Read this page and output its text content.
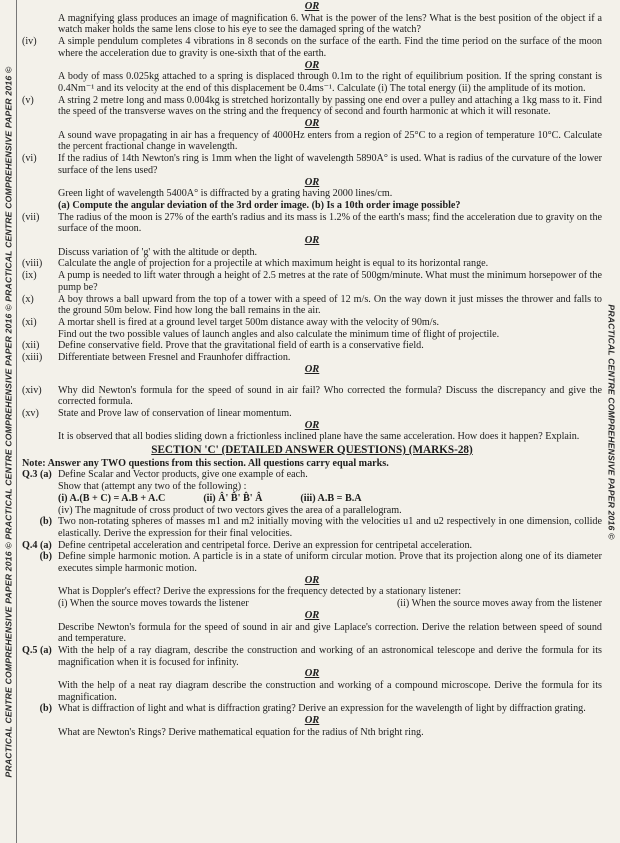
PRACTICAL CENTRE COMPREHENSIVE PAPER 2016 © PRACTICAL CENTRE COMPREHENSIVE PAPER 2016 © PRACTICAL CENTRE COMPREHENSIVE PAPER 2016 ©	PRACTICAL CENTRE COMPREHENSIVE PAPER 2016 ©
OR
A magnifying glass produces an image of magnification 6. What is the power of the lens? What is the best position of the object if a watch maker holds the same lens close to his eye to see the damaged spring of the watch?
(iv)	A simple pendulum completes 4 vibrations in 8 seconds on the surface of the earth. Find the time period on the surface of the moon where the acceleration due to gravity is one-sixth that of the earth.
OR
A body of mass 0.025kg attached to a spring is displaced through 0.1m to the right of equilibrium position. If the spring constant is 0.4Nm⁻¹ and its velocity at the end of this displacement be 0.4ms⁻¹. Calculate (i) The total energy (ii) the amplitude of its motion.
(v)	A string 2 metre long and mass 0.004kg is stretched horizontally by passing one end over a pulley and attaching a 1kg mass to it. Find the speed of the transverse waves on the string and the frequency of second and fourth harmonic at which it will resonate.
OR
A sound wave propagating in air has a frequency of 4000Hz enters from a region of 25°C to a region of temperature 10°C. Calculate the percent fractional change in wavelength.
(vi)	If the radius of 14th Newton's ring is 1mm when the light of wavelength 5890A° is used. What is radius of the curvature of the lower surface of the lens used?
OR
Green light of wavelength 5400A° is diffracted by a grating having 2000 lines/cm.
(a) Compute the angular deviation of the 3rd order image. (b) Is a 10th order image possible?
(vii)	The radius of the moon is 27% of the earth's radius and its mass is 1.2% of the earth's mass; find the acceleration due to gravity on the surface of the moon.
OR
Discuss variation of 'g' with the altitude or depth.
(viii)	Calculate the angle of projection for a projectile at which maximum height is equal to its horizontal range.
(ix)	A pump is needed to lift water through a height of 2.5 metres at the rate of 500gm/minute. What must the minimum horsepower of the pump be?
(x)	A boy throws a ball upward from the top of a tower with a speed of 12 m/s. On the way down it just misses the thrower and falls to the ground 50m below. Find how long the ball remains in the air.
(xi)	A mortar shell is fired at a ground level target 500m distance away with the velocity of 90m/s.
Find out the two possible values of launch angles and also calculate the minimum time of flight of projectile.
(xii)	Define conservative field. Prove that the gravitational field of earth is a conservative field.
(xiii)	Differentiate between Fresnel and Fraunhofer diffraction.
OR
(xiv)	Why did Newton's formula for the speed of sound in air fail? Who corrected the formula? Discuss the discrepancy and give the corrected formula.
(xv)	State and Prove law of conservation of linear momentum.
OR
It is observed that all bodies sliding down a frictionless inclined plane have the same acceleration. How does it happen? Explain.
SECTION 'C' (DETAILED ANSWER QUESTIONS) (MARKS-28)
Note: Answer any TWO questions from this section. All questions carry equal marks.
Q.3 (a) Define Scalar and Vector products, give one example of each.
Show that (attempt any two of the following) :
(i) A.(B + C) = A.B + A.C	(ii) Â' B̂' B̂' Â	(iii) A.B = B.A
(iv) The magnitude of cross product of two vectors gives the area of a parallelogram.
(b) Two non-rotating spheres of masses m1 and m2 initially moving with the velocities u1 and u2 respectively in one dimension, collide elastically. Derive the expression for their final velocities.
Q.4 (a) Define centripetal acceleration and centripetal force. Derive an expression for centripetal acceleration.
(b) Define simple harmonic motion. A particle is in a state of uniform circular motion. Prove that its projection along one of its diameter executes simple harmonic motion.
OR
What is Doppler's effect? Derive the expressions for the frequency detected by a stationary listener:
(i) When the source moves towards the listener	(ii) When the source moves away from the listener
OR
Describe Newton's formula for the speed of sound in air and give Laplace's correction. Derive the relation between speed of sound and temperature.
Q.5 (a) With the help of a ray diagram, describe the construction and working of an astronomical telescope and derive the formula for its magnification when it is focused for infinity.
OR
With the help of a neat ray diagram describe the construction and working of a compound microscope. Derive the formula for its magnification.
(b) What is diffraction of light and what is diffraction grating? Derive an expression for the wavelength of light by diffraction grating.
OR
What are Newton's Rings? Derive mathematical equation for the radius of Nth bright ring.
